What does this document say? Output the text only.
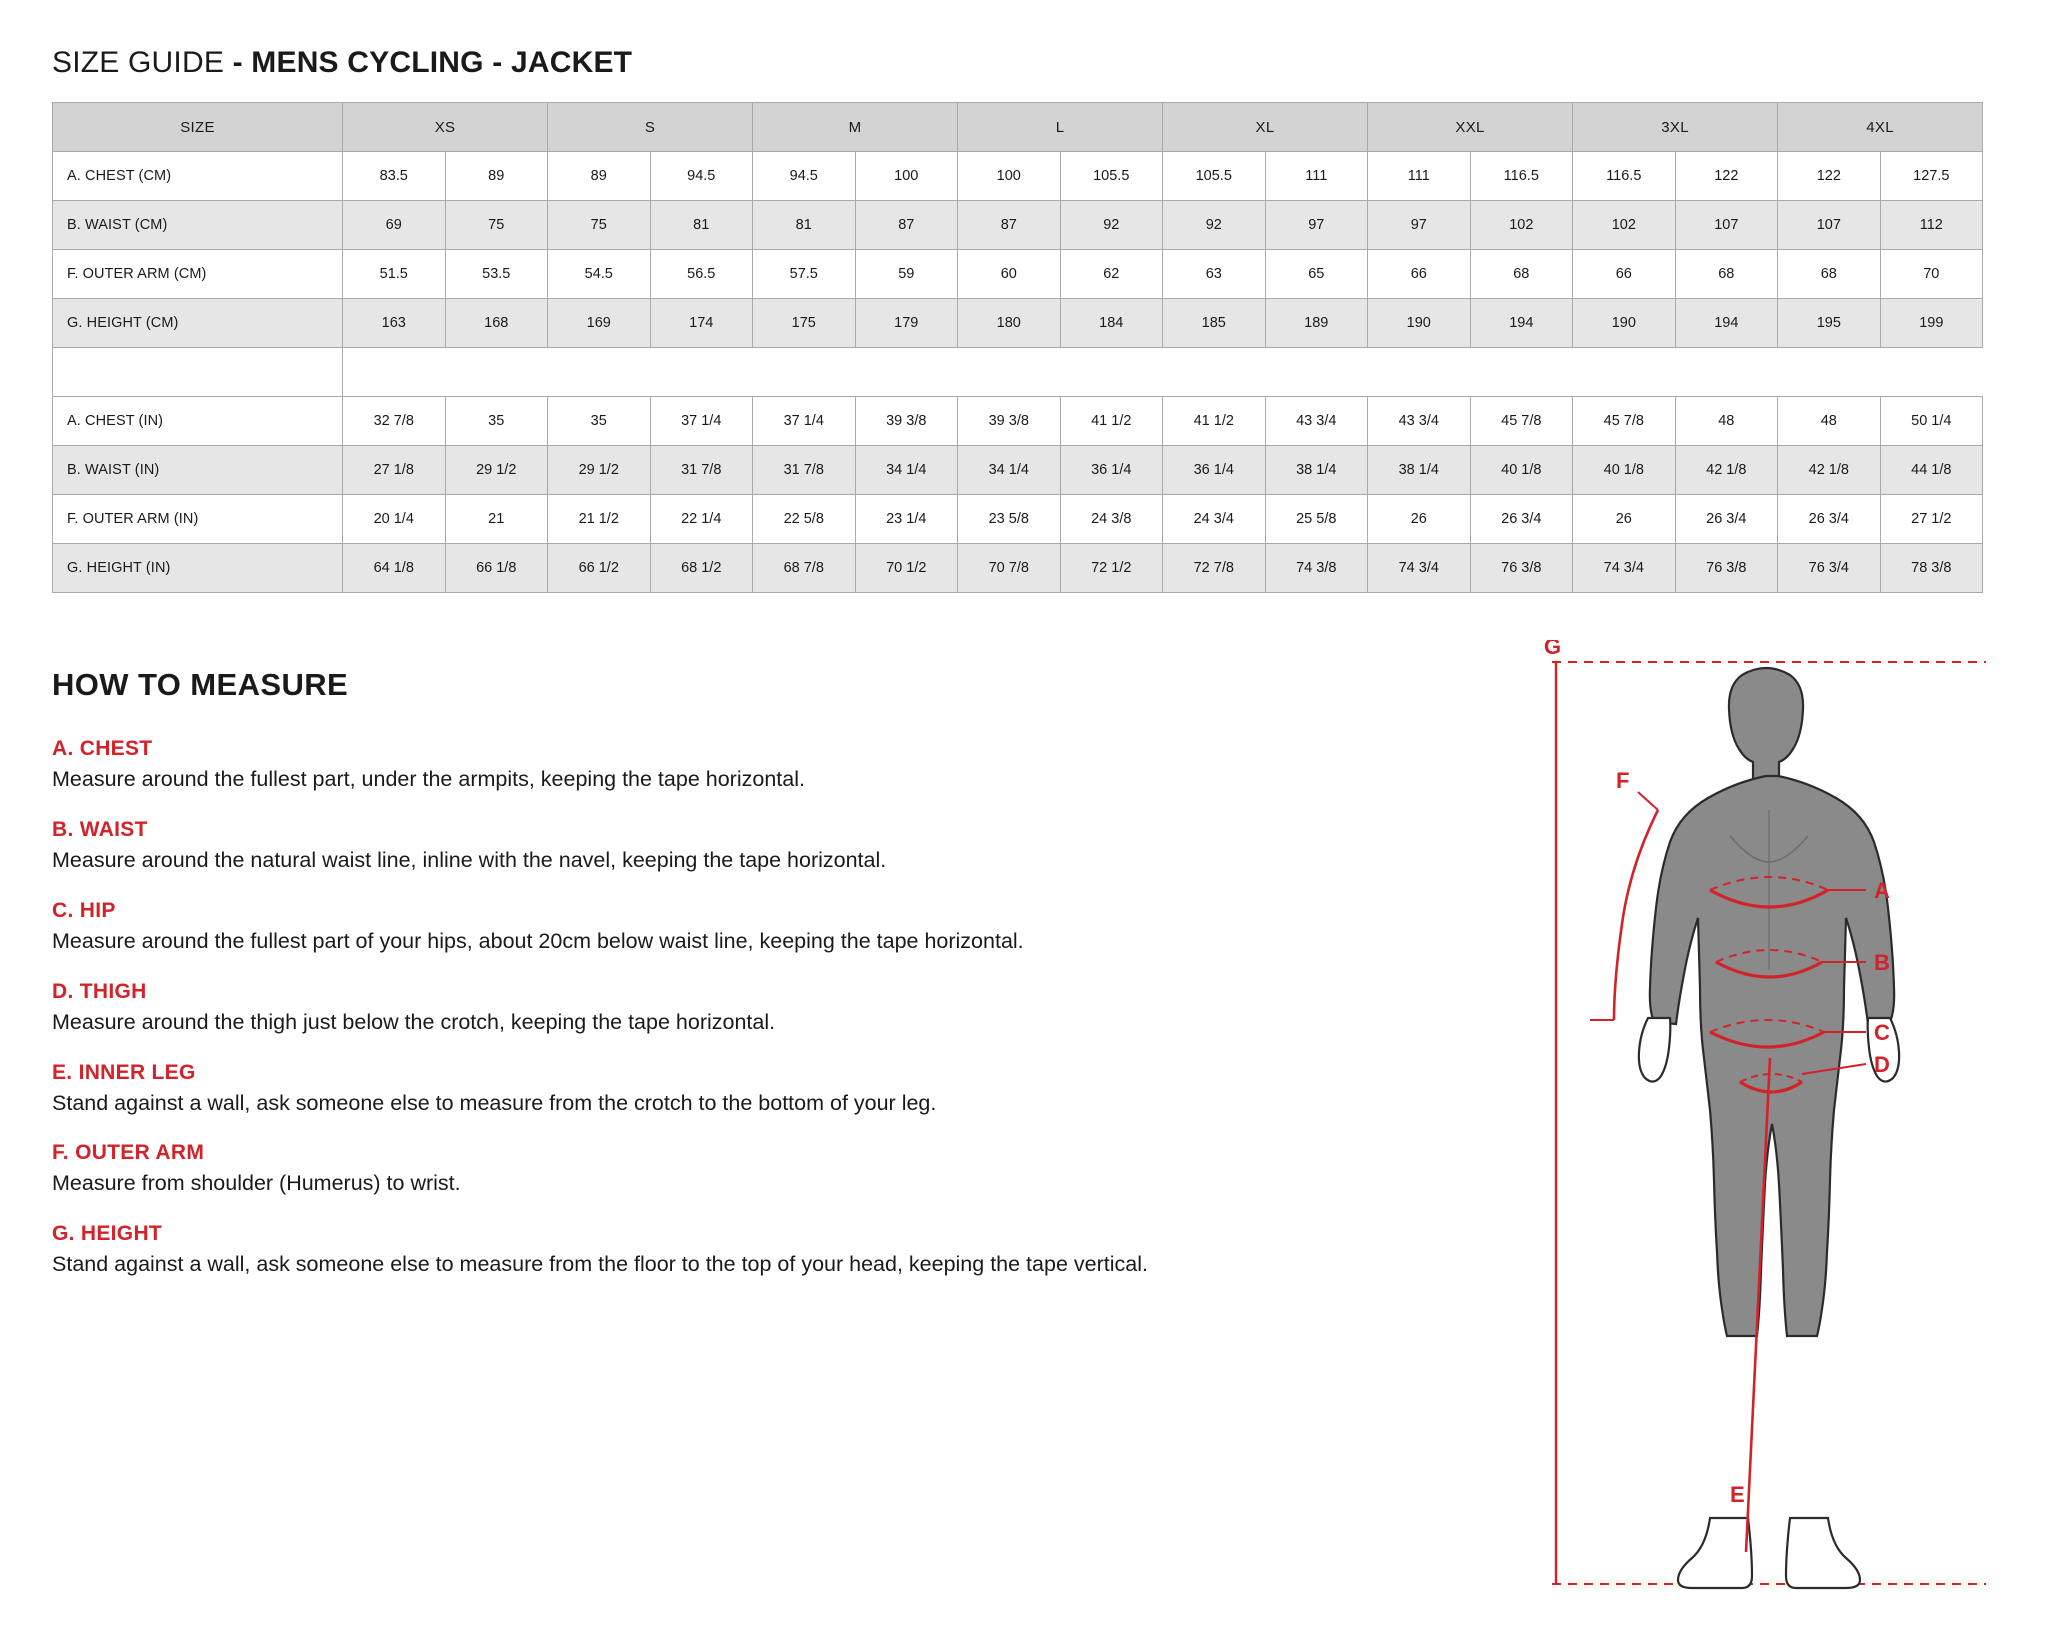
SIZE GUIDE - MENS CYCLING - JACKET
SIZE	XS		S		M		L		XL		XXL		3XL		4XL	
A. CHEST (CM)	83.5	89	89	94.5	94.5	100	100	105.5	105.5	111	111	116.5	116.5	122	122	127.5
B. WAIST (CM)	69	75	75	81	81	87	87	92	92	97	97	102	102	107	107	112
F. OUTER ARM (CM)	51.5	53.5	54.5	56.5	57.5	59	60	62	63	65	66	68	66	68	68	70
G. HEIGHT (CM)	163	168	169	174	175	179	180	184	185	189	190	194	190	194	195	199

A. CHEST (IN)	32 7/8	35	35	37 1/4	37 1/4	39 3/8	39 3/8	41 1/2	41 1/2	43 3/4	43 3/4	45 7/8	45 7/8	48	48	50 1/4
B. WAIST (IN)	27 1/8	29 1/2	29 1/2	31 7/8	31 7/8	34 1/4	34 1/4	36 1/4	36 1/4	38 1/4	38 1/4	40 1/8	40 1/8	42 1/8	42 1/8	44 1/8
F. OUTER ARM (IN)	20 1/4	21	21 1/2	22 1/4	22 5/8	23 1/4	23 5/8	24 3/8	24 3/4	25 5/8	26	26 3/4	26	26 3/4	26 3/4	27 1/2
G. HEIGHT (IN)	64 1/8	66 1/8	66 1/2	68 1/2	68 7/8	70 1/2	70 7/8	72 1/2	72 7/8	74 3/8	74 3/4	76 3/8	74 3/4	76 3/8	76 3/4	78 3/8
HOW TO MEASURE
A. CHEST
Measure around the fullest part, under the armpits, keeping the tape horizontal.
B. WAIST
Measure around the natural waist line, inline with the navel, keeping the tape horizontal.
C. HIP
Measure around the fullest part of your hips, about 20cm below waist line, keeping the tape horizontal.
D. THIGH
Measure around the thigh just below the crotch, keeping the tape horizontal.
E. INNER LEG
Stand against a wall, ask someone else to measure from the crotch to the bottom of your leg.
F. OUTER ARM
Measure from shoulder (Humerus) to wrist.
G. HEIGHT
Stand against a wall, ask someone else to measure from the floor to the top of your head, keeping the tape vertical.
G
F
A
B
C
D
E
